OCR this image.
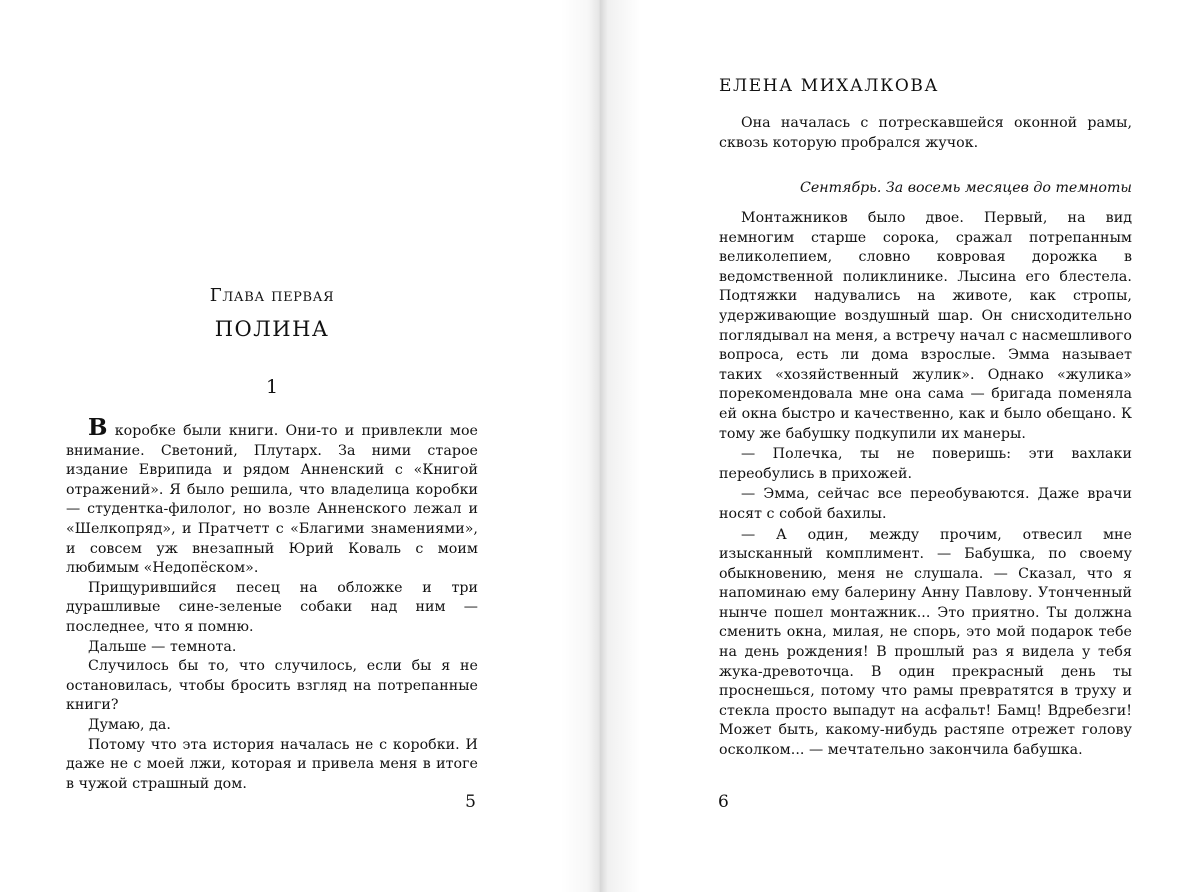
Глава первая
ПОЛИНА
1

В коробке были книги. Они-то и привлекли мое внимание. Светоний, Плутарх. За ними старое издание Еврипида и рядом Анненский с «Книгой отражений». Я было решила, что владелица коробки — студентка-филолог, но возле Анненского лежал и «Шелкопряд», и Пратчетт с «Благими знамениями», и совсем уж внезапный Юрий Коваль с моим любимым «Недопёском».

Прищурившийся песец на обложке и три дурашливые сине-зеленые собаки над ним — последнее, что я помню.

Дальше — темнота.

Случилось бы то, что случилось, если бы я не остановилась, чтобы бросить взгляд на потрепанные книги?

Думаю, да.

Потому что эта история началась не с коробки. И даже не с моей лжи, которая и привела меня в итоге в чужой страшный дом.

5
ЕЛЕНА МИХАЛКОВА

Она началась с потрескавшейся оконной рамы, сквозь которую пробрался жучок.

Сентябрь. За восемь месяцев до темноты

Монтажников было двое. Первый, на вид немногим старше сорока, сражал потрепанным великолепием, словно ковровая дорожка в ведомственной поликлинике. Лысина его блестела. Подтяжки надувались на животе, как стропы, удерживающие воздушный шар. Он снисходительно поглядывал на меня, а встречу начал с насмешливого вопроса, есть ли дома взрослые. Эмма называет таких «хозяйственный жулик». Однако «жулика» порекомендовала мне она сама — бригада поменяла ей окна быстро и качественно, как и было обещано. К тому же бабушку подкупили их манеры.

— Полечка, ты не поверишь: эти вахлаки переобулись в прихожей.

— Эмма, сейчас все переобуваются. Даже врачи носят с собой бахилы.

— А один, между прочим, отвесил мне изысканный комплимент. — Бабушка, по своему обыкновению, меня не слушала. — Сказал, что я напоминаю ему балерину Анну Павлову. Утонченный нынче пошел монтажник... Это приятно. Ты должна сменить окна, милая, не спорь, это мой подарок тебе на день рождения! В прошлый раз я видела у тебя жука-древоточца. В один прекрасный день ты проснешься, потому что рамы превратятся в труху и стекла просто выпадут на асфальт! Бамц! Вдребезги! Может быть, какому-нибудь растяпе отрежет голову осколком... — мечтательно закончила бабушка.

6
